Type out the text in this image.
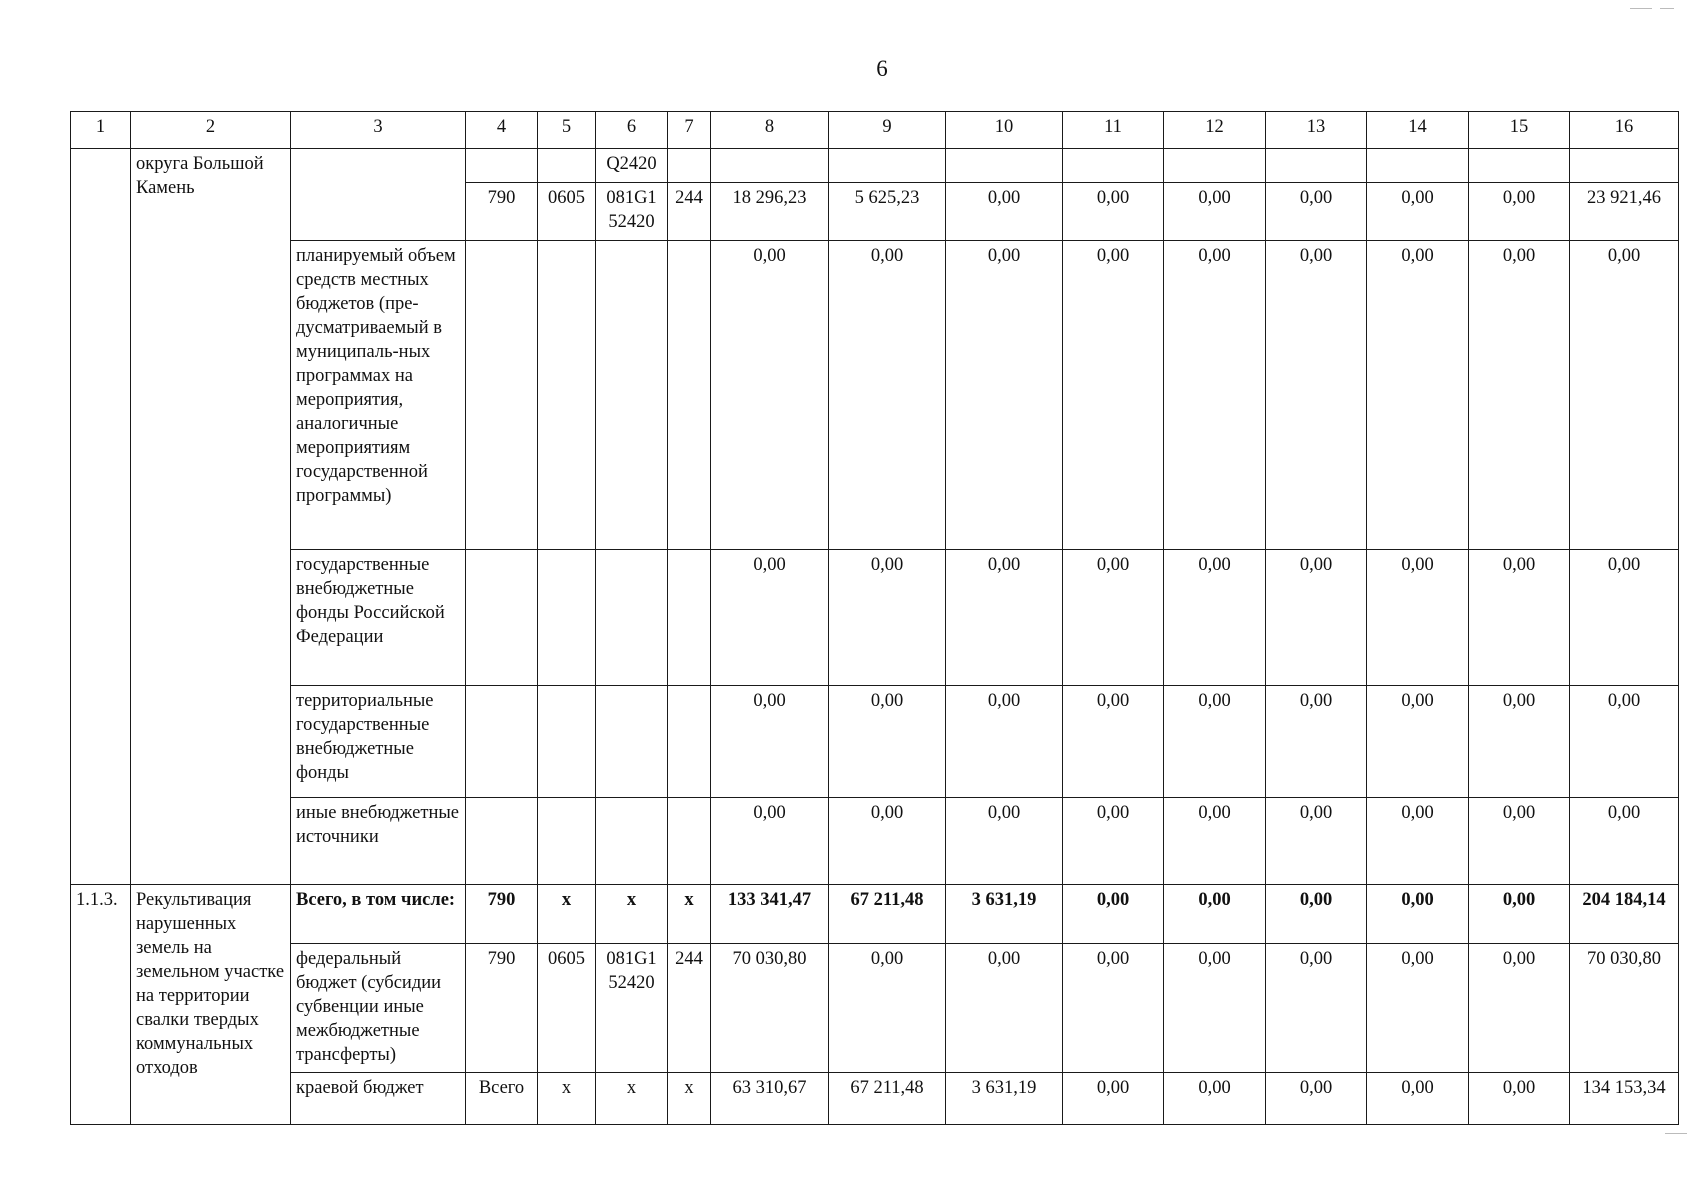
6
1	2	3	4	5	6	7	8	9	10	11	12	13	14	15	16
	округа Большой Камень				Q2420										
			790	0605	081G1 52420	244	18 296,23	5 625,23	0,00	0,00	0,00	0,00	0,00	0,00	23 921,46
		планируемый объем средств местных бюджетов (пре-дусматриваемый в муниципаль-ных программах на мероприятия, аналогичные мероприятиям государственной программы)					0,00	0,00	0,00	0,00	0,00	0,00	0,00	0,00	0,00
		государственные внебюджетные фонды Российской Федерации					0,00	0,00	0,00	0,00	0,00	0,00	0,00	0,00	0,00
		территориальные государственные внебюджетные фонды					0,00	0,00	0,00	0,00	0,00	0,00	0,00	0,00	0,00
		иные внебюджетные источники					0,00	0,00	0,00	0,00	0,00	0,00	0,00	0,00	0,00
1.1.3.	Рекультивация нарушенных земель на земельном участке на территории свалки твердых коммунальных отходов	Всего, в том числе:	790	х	х	х	133 341,47	67 211,48	3 631,19	0,00	0,00	0,00	0,00	0,00	204 184,14
		федеральный бюджет (субсидии субвенции иные межбюджетные трансферты)	790	0605	081G1 52420	244	70 030,80	0,00	0,00	0,00	0,00	0,00	0,00	0,00	70 030,80
		краевой бюджет	Всего	х	х	х	63 310,67	67 211,48	3 631,19	0,00	0,00	0,00	0,00	0,00	134 153,34
